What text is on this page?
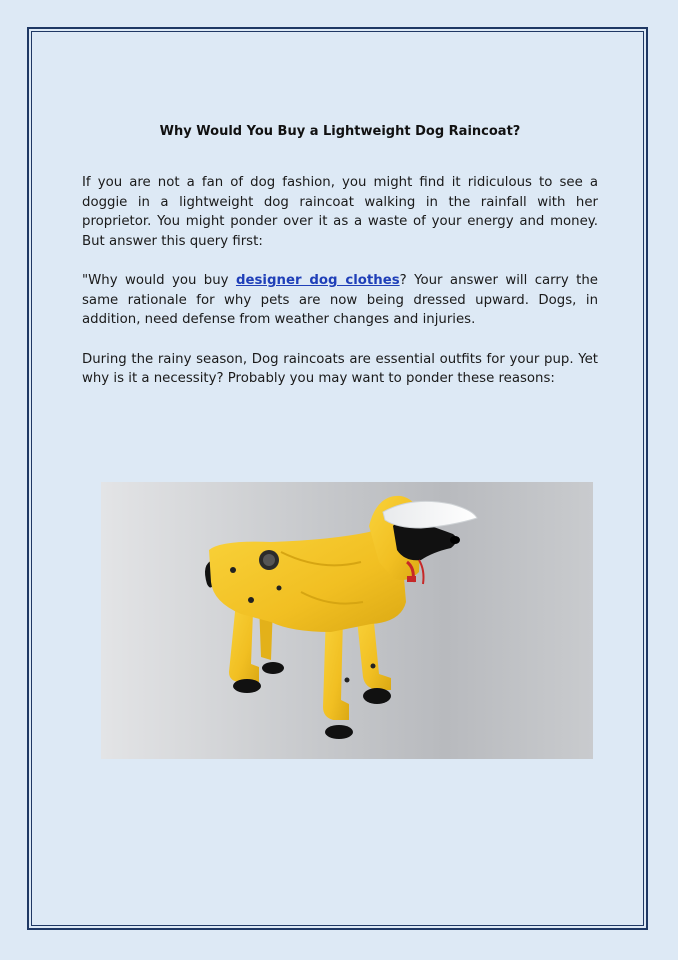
Why Would You Buy a Lightweight Dog Raincoat?

If you are not a fan of dog fashion, you might find it ridiculous to see a doggie in a lightweight dog raincoat walking in the rainfall with her proprietor. You might ponder over it as a waste of your energy and money. But answer this query first:

"Why would you buy designer dog clothes? Your answer will carry the same rationale for why pets are now being dressed upward. Dogs, in addition, need defense from weather changes and injuries.

During the rainy season, Dog raincoats are essential outfits for your pup. Yet why is it a necessity? Probably you may want to ponder these reasons:
